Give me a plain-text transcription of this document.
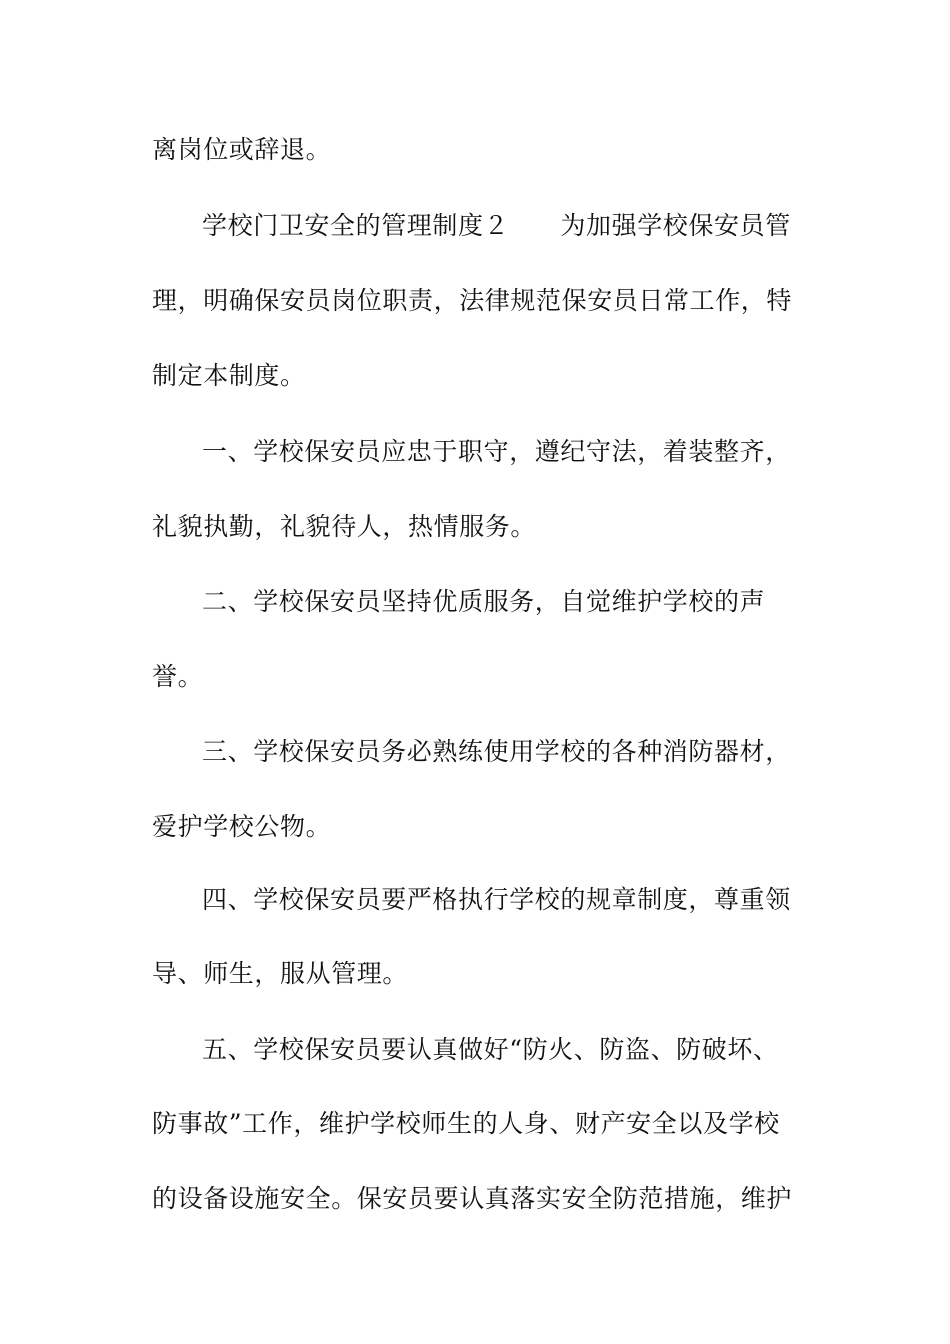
离岗位或辞退。
学校门卫安全的管理制度２　　为加强学校保安员管
理，明确保安员岗位职责，法律规范保安员日常工作，特
制定本制度。
一、学校保安员应忠于职守，遵纪守法，着装整齐，
礼貌执勤，礼貌待人，热情服务。
二、学校保安员坚持优质服务，自觉维护学校的声
誉。
三、学校保安员务必熟练使用学校的各种消防器材，
爱护学校公物。
四、学校保安员要严格执行学校的规章制度，尊重领
导、师生，服从管理。
五、学校保安员要认真做好“防火、防盗、防破坏、
防事故”工作，维护学校师生的人身、财产安全以及学校
的设备设施安全。保安员要认真落实安全防范措施，维护
